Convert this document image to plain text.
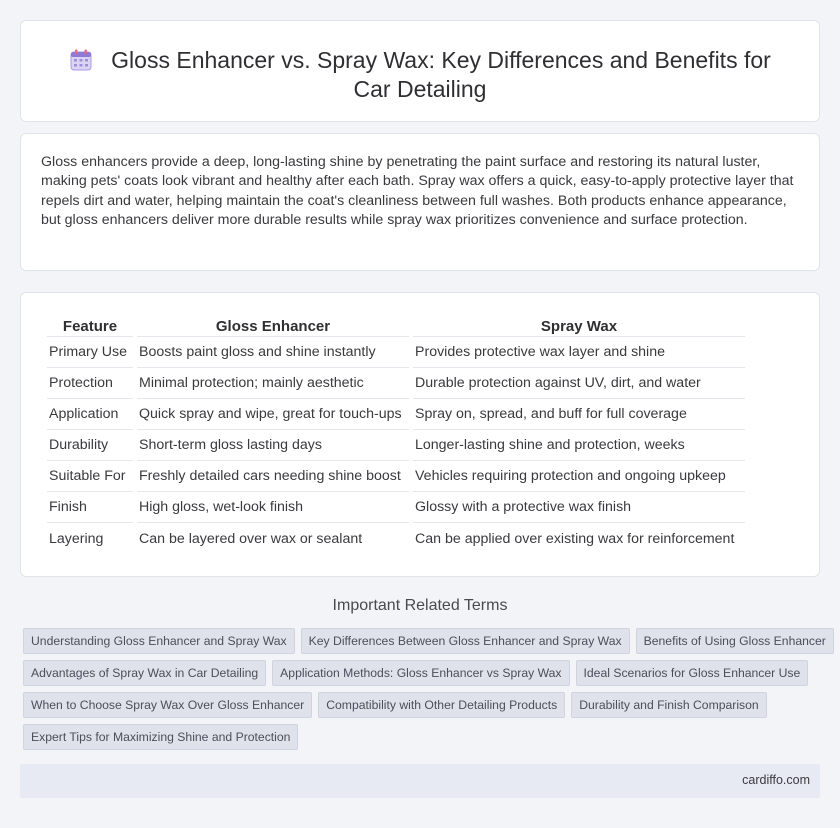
Gloss Enhancer vs. Spray Wax: Key Differences and Benefits for Car Detailing

Gloss enhancers provide a deep, long-lasting shine by penetrating the paint surface and restoring its natural luster, making pets' coats look vibrant and healthy after each bath. Spray wax offers a quick, easy-to-apply protective layer that repels dirt and water, helping maintain the coat's cleanliness between full washes. Both products enhance appearance, but gloss enhancers deliver more durable results while spray wax prioritizes convenience and surface protection.

Feature	Gloss Enhancer	Spray Wax
Primary Use	Boosts paint gloss and shine instantly	Provides protective wax layer and shine
Protection	Minimal protection; mainly aesthetic	Durable protection against UV, dirt, and water
Application	Quick spray and wipe, great for touch-ups	Spray on, spread, and buff for full coverage
Durability	Short-term gloss lasting days	Longer-lasting shine and protection, weeks
Suitable For	Freshly detailed cars needing shine boost	Vehicles requiring protection and ongoing upkeep
Finish	High gloss, wet-look finish	Glossy with a protective wax finish
Layering	Can be layered over wax or sealant	Can be applied over existing wax for reinforcement
Important Related Terms
Understanding Gloss Enhancer and Spray Wax	Key Differences Between Gloss Enhancer and Spray Wax	Benefits of Using Gloss Enhancer
Advantages of Spray Wax in Car Detailing	Application Methods: Gloss Enhancer vs Spray Wax	Ideal Scenarios for Gloss Enhancer Use
When to Choose Spray Wax Over Gloss Enhancer	Compatibility with Other Detailing Products	Durability and Finish Comparison
Expert Tips for Maximizing Shine and Protection
cardiffo.com
